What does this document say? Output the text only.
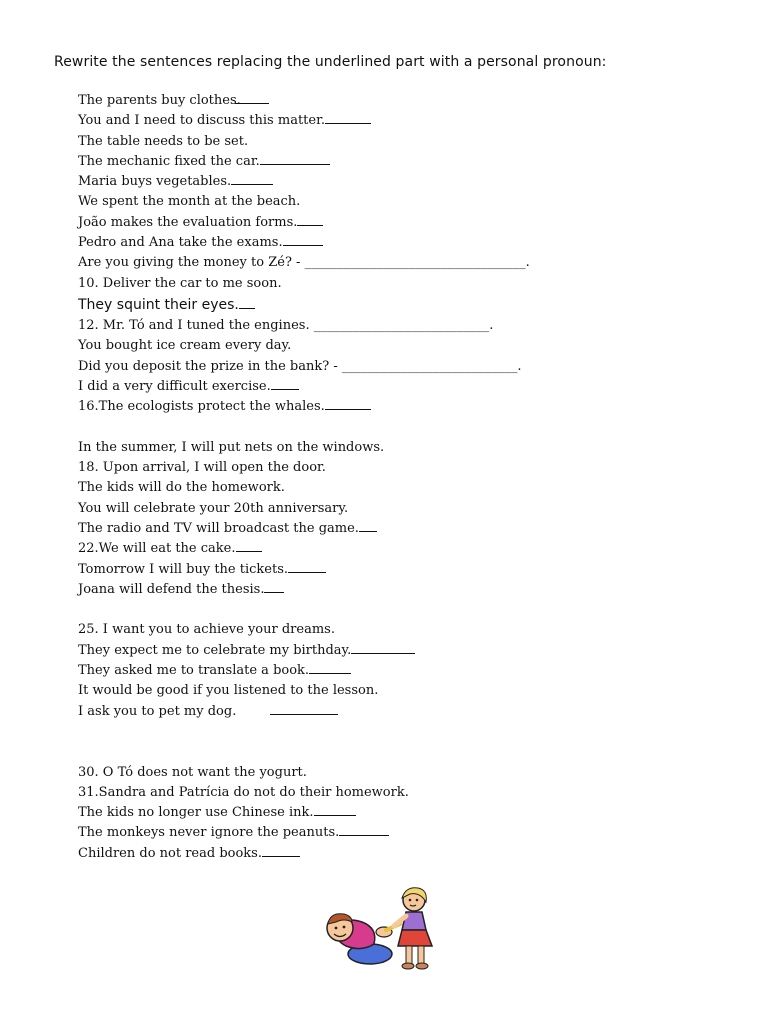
Rewrite the sentences replacing the underlined part with a personal pronoun:
The parents buy clothes.
You and I need to discuss this matter.
The table needs to be set.
The mechanic fixed the car.
Maria buys vegetables.
We spent the month at the beach.
João makes the evaluation forms.
Pedro and Ana take the exams.
Are you giving the money to Zé? - __________________________________.
10. Deliver the car to me soon.
They squint their eyes.
12. Mr. Tó and I tuned the engines. ___________________________.
You bought ice cream every day.
Did you deposit the prize in the bank? - ___________________________.
I did a very difficult exercise.
16.The ecologists protect the whales.
In the summer, I will put nets on the windows.
18. Upon arrival, I will open the door.
The kids will do the homework.
You will celebrate your 20th anniversary.
The radio and TV will broadcast the game.
22.We will eat the cake.
Tomorrow I will buy the tickets.
Joana will defend the thesis.
25. I want you to achieve your dreams.
They expect me to celebrate my birthday.
They asked me to translate a book.
It would be good if you listened to the lesson.
I ask you to pet my dog.
30. O Tó does not want the yogurt.
31.Sandra and Patrícia do not do their homework.
The kids no longer use Chinese ink.
The monkeys never ignore the peanuts.
Children do not read books.
